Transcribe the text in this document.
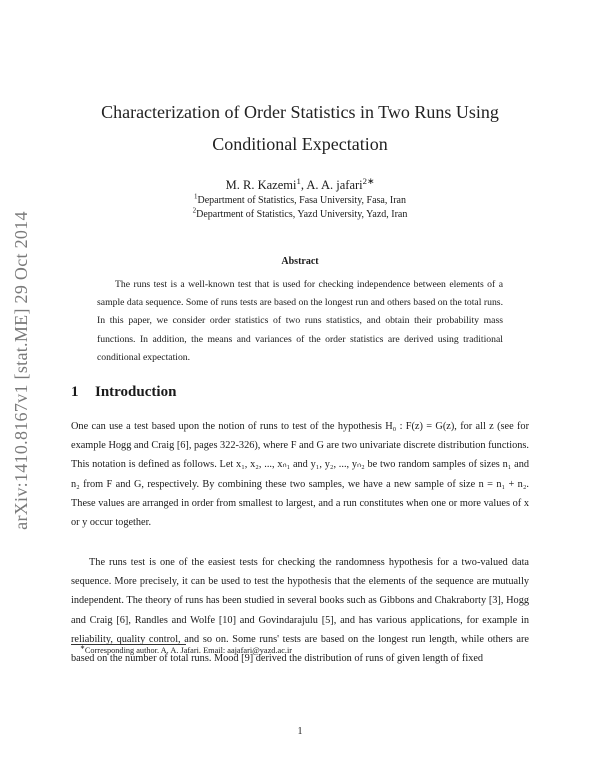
arXiv:1410.8167v1 [stat.ME] 29 Oct 2014
Characterization of Order Statistics in Two Runs Using
Conditional Expectation
M. R. Kazemi$^1$, A. A. jafari$^{2∗}$
$^1$Department of Statistics, Fasa University, Fasa, Iran
$^2$Department of Statistics, Yazd University, Yazd, Iran
Abstract
The runs test is a well-known test that is used for checking independence between elements of a sample data sequence. Some of runs tests are based on the longest run and others based on the total runs. In this paper, we consider order statistics of two runs statistics, and obtain their probability mass functions. In addition, the means and variances of the order statistics are derived using traditional conditional expectation.
1 Introduction
One can use a test based upon the notion of runs to test of the hypothesis H₀ : F(z) = G(z), for all z (see for example Hogg and Craig [6], pages 322-326), where F and G are two univariate discrete distribution functions. This notation is defined as follows. Let x₁, x₂, ..., xₙ₁ and y₁, y₂, ..., yₙ₂ be two random samples of sizes n₁ and n₂ from F and G, respectively. By combining these two samples, we have a new sample of size n = n₁ + n₂. These values are arranged in order from smallest to largest, and a run constitutes when one or more values of x or y occur together.
The runs test is one of the easiest tests for checking the randomness hypothesis for a two-valued data sequence. More precisely, it can be used to test the hypothesis that the elements of the sequence are mutually independent. The theory of runs has been studied in several books such as Gibbons and Chakraborty [3], Hogg and Craig [6], Randles and Wolfe [10] and Govindarajulu [5], and has various applications, for example in reliability, quality control, and so on. Some runs' tests are based on the longest run length, while others are based on the number of total runs. Mood [9] derived the distribution of runs of given length of fixed
∗Corresponding author. A. A. Jafari. Email: aajafari@yazd.ac.ir
1
